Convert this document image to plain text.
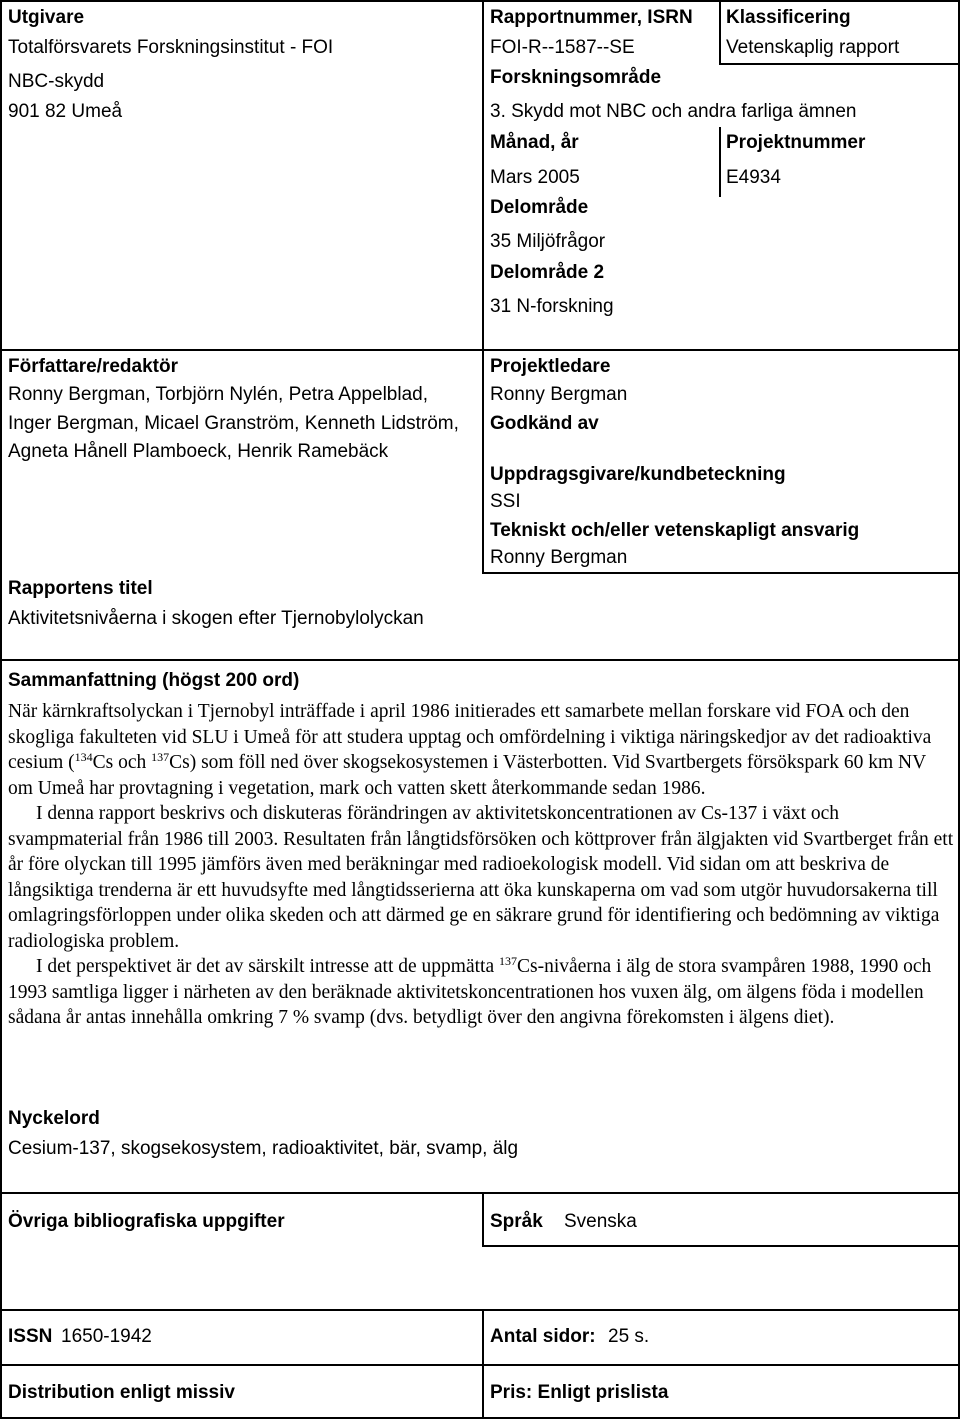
Utgivare
Totalförsvarets Forskningsinstitut - FOI
NBC-skydd
901 82 Umeå
Rapportnummer, ISRN
FOI-R--1587--SE
Klassificering
Vetenskaplig rapport
Forskningsområde
3. Skydd mot NBC och andra farliga ämnen
Månad, år	Projektnummer
Mars 2005	E4934
Delområde
35 Miljöfrågor
Delområde 2
31 N-forskning
Författare/redaktör
Ronny Bergman, Torbjörn Nylén, Petra Appelblad,
Inger Bergman, Micael Granström, Kenneth Lidström,
Agneta Hånell Plamboeck, Henrik Ramebäck
Rapportens titel
Aktivitetsnivåerna i skogen efter Tjernobylolyckan
Projektledare
Ronny Bergman
Godkänd av
Uppdragsgivare/kundbeteckning
SSI
Tekniskt och/eller vetenskapligt ansvarig
Ronny Bergman
Sammanfattning (högst 200 ord)

När kärnkraftsolyckan i Tjernobyl inträffade i april 1986 initierades ett samarbete mellan forskare vid FOA och den skogliga fakulteten vid SLU i Umeå för att studera upptag och omfördelning i viktiga näringskedjor av det radioaktiva cesium ($^{134}$Cs och $^{137}$Cs) som föll ned över skogsekosystemen i Västerbotten. Vid Svartbergets försökspark 60 km NV om Umeå har provtagning i vegetation, mark och vatten skett återkommande sedan 1986.

I denna rapport beskrivs och diskuteras förändringen av aktivitetskoncentrationen av Cs-137 i växt och svampmaterial från 1986 till 2003. Resultaten från långtidsförsöken och köttprover från älgjakten vid Svartberget från ett år före olyckan till 1995 jämförs även med beräkningar med radioekologisk modell. Vid sidan om att beskriva de långsiktiga trenderna är ett huvudsyfte med långtidsserierna att öka kunskaperna om vad som utgör huvudorsakerna till omlagringsförloppen under olika skeden och att därmed ge en säkrare grund för identifiering och bedömning av viktiga radiologiska problem.

I det perspektivet är det av särskilt intresse att de uppmätta $^{137}$Cs-nivåerna i älg de stora svampåren 1988, 1990 och 1993 samtliga ligger i närheten av den beräknade aktivitetskoncentrationen hos vuxen älg, om älgens föda i modellen sådana år antas innehålla omkring 7 % svamp (dvs. betydligt över den angivna förekomsten i älgens diet).

Nyckelord
Cesium-137, skogsekosystem, radioaktivitet, bär, svamp, älg
Övriga bibliografiska uppgifter	Språk Svenska
ISSN 1650-1942	Antal sidor: 25 s.
Distribution enligt missiv	Pris: Enligt prislista
